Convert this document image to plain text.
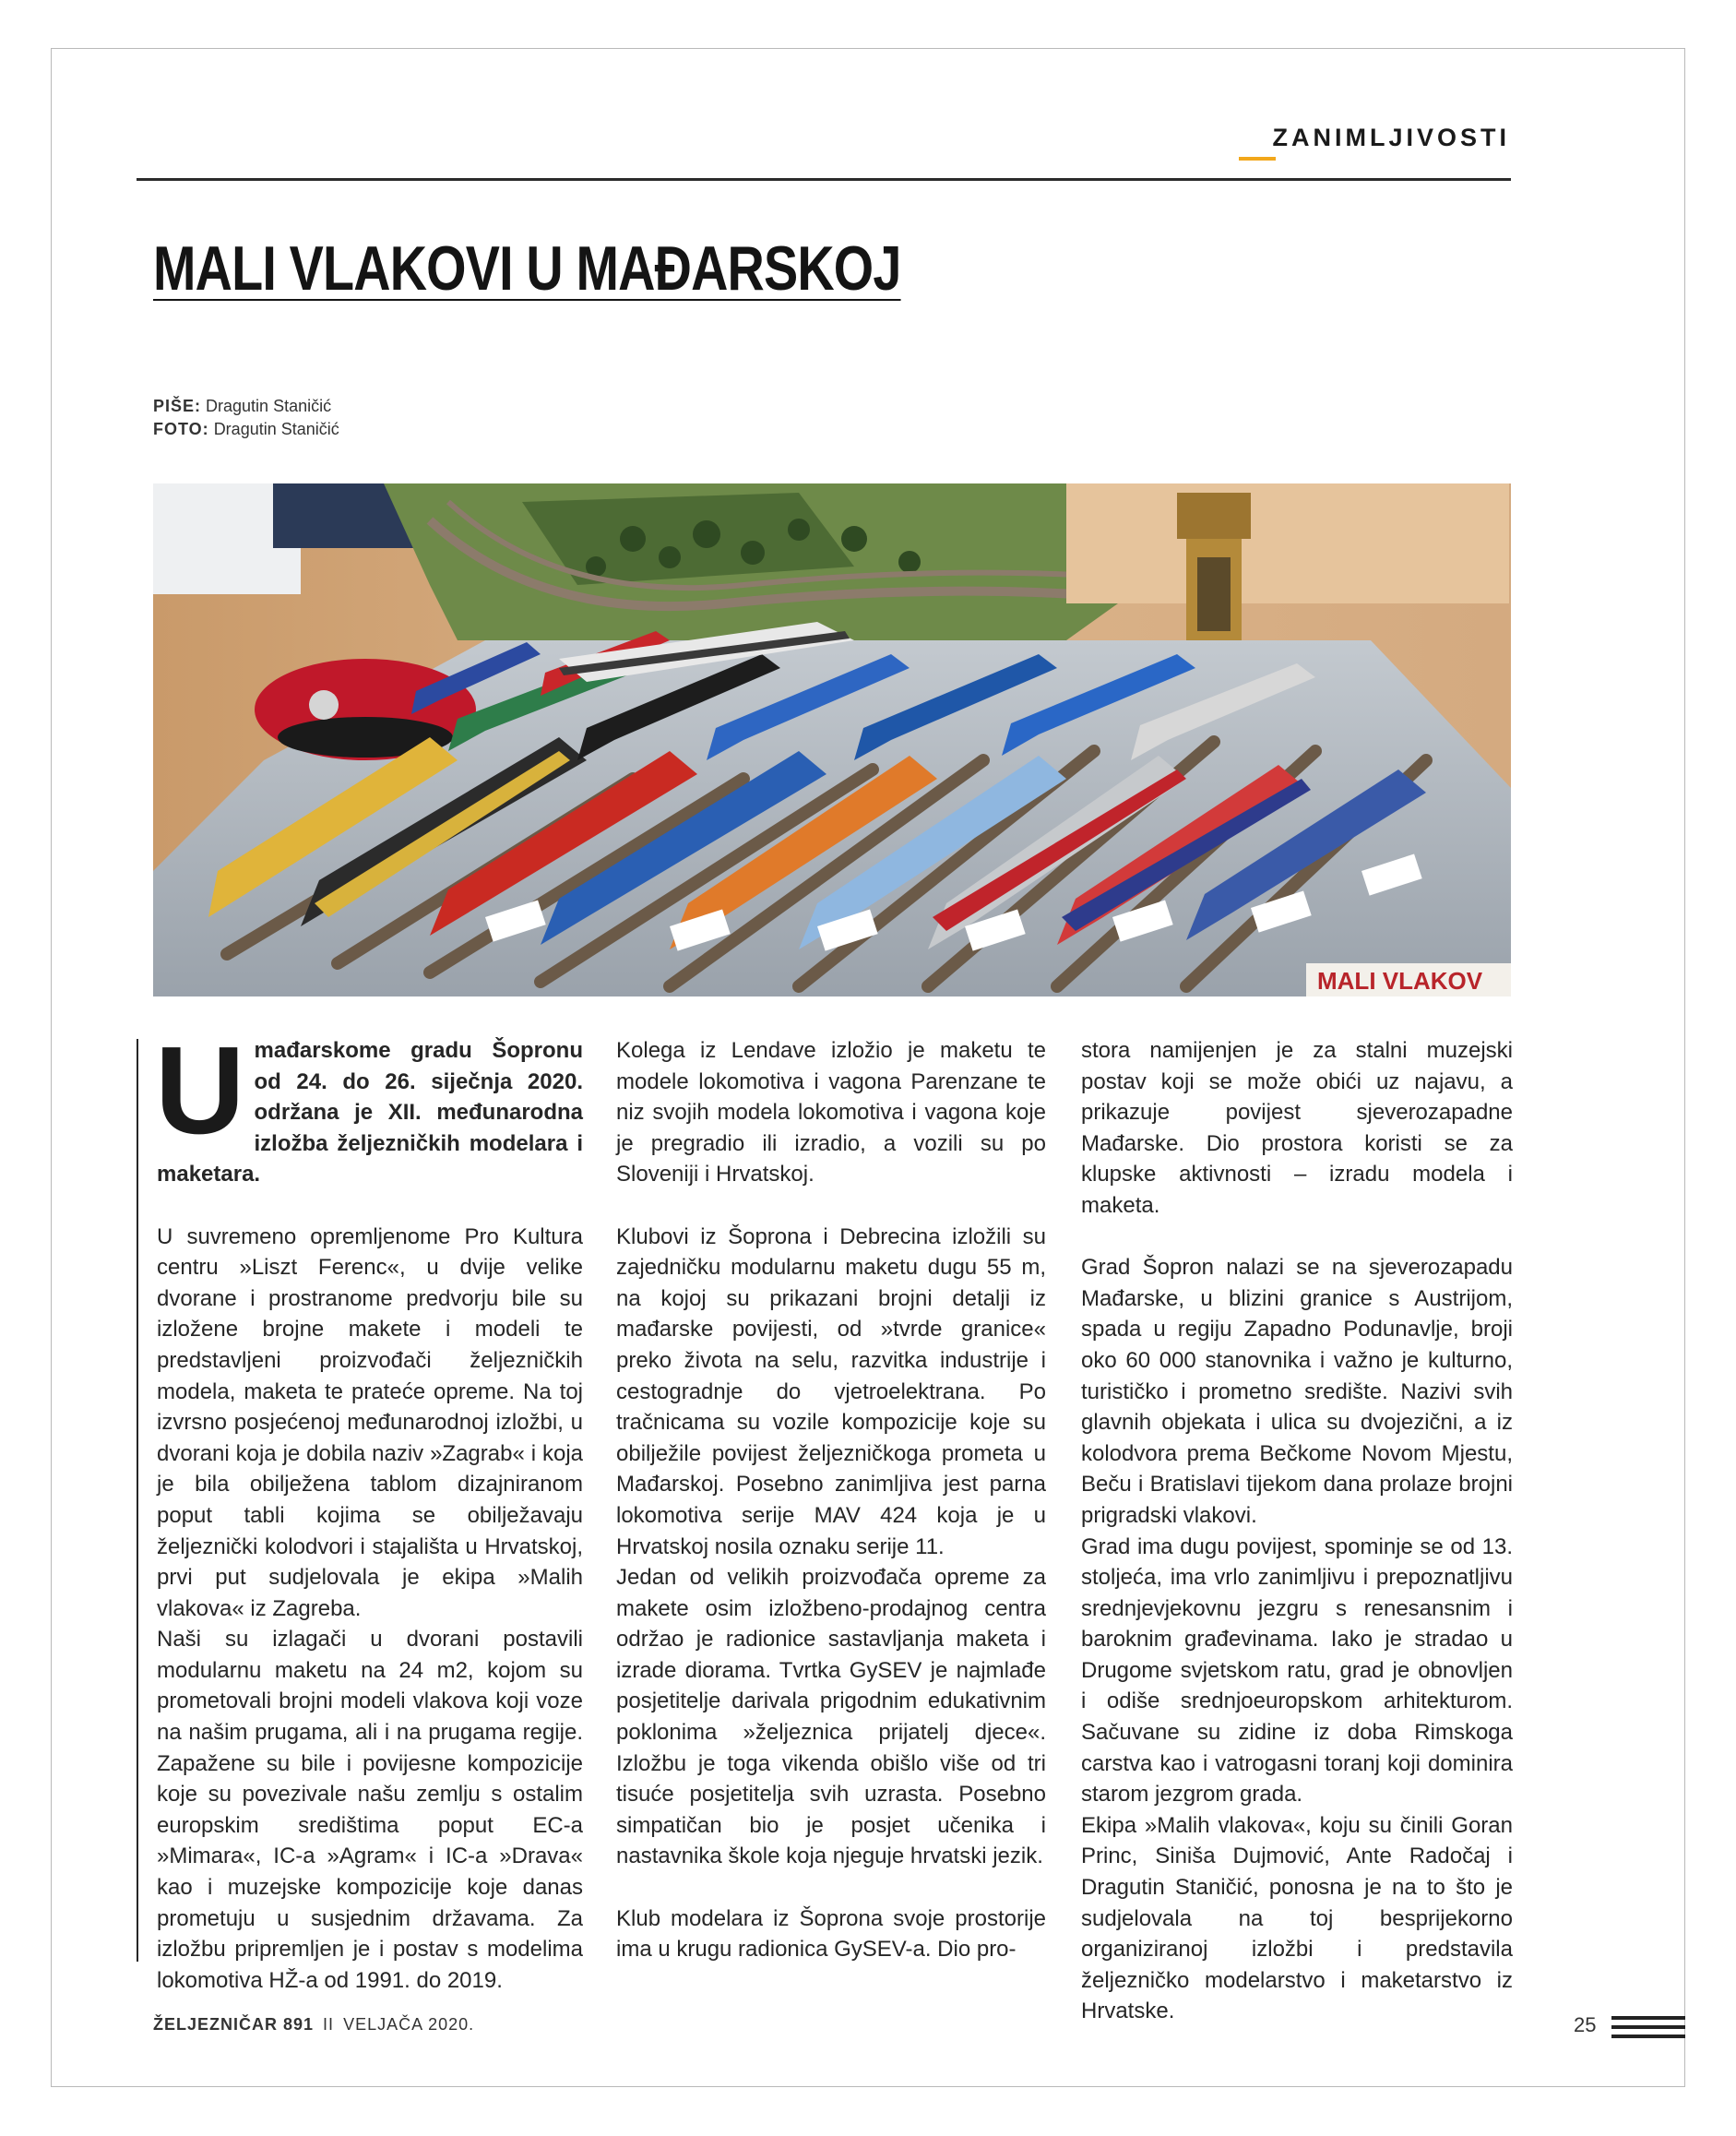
ZANIMLJIVOSTI
MALI VLAKOVI U MAĐARSKOJ
PIŠE: Dragutin Staničić
FOTO: Dragutin Staničić
MALI VLAKOV

Umađarskome gradu Šopronu od 24. do 26. siječnja 2020. održana je XII. međunarodna izložba željezničkih modelara i maketara.

U suvremeno opremljenome Pro Kultura centru »Liszt Ferenc«, u dvije velike dvorane i prostranome predvorju bile su izložene brojne makete i modeli te predstavljeni proizvođači željezničkih modela, maketa te prateće opreme. Na toj izvrsno posjećenoj međunarodnoj izložbi, u dvorani koja je dobila naziv »Zagrab« i koja je bila obilježena tablom dizajniranom poput tabli kojima se obilježavaju željeznički kolodvori i stajališta u Hrvatskoj, prvi put sudjelovala je ekipa »Malih vlakova« iz Zagreba.

Naši su izlagači u dvorani postavili modularnu maketu na 24 m2, kojom su prometovali brojni modeli vlakova koji voze na našim prugama, ali i na prugama regije. Zapažene su bile i povijesne kompozicije koje su povezivale našu zemlju s ostalim europskim središtima poput EC-a »Mimara«, IC-a »Agram« i IC-a »Drava« kao i muzejske kompozicije koje danas prometuju u susjednim državama. Za izložbu pripremljen je i postav s modelima lokomotiva HŽ-a od 1991. do 2019.

Kolega iz Lendave izložio je maketu te modele lokomotiva i vagona Parenzane te niz svojih modela lokomotiva i vagona koje je pregradio ili izradio, a vozili su po Sloveniji i Hrvatskoj.

Klubovi iz Šoprona i Debrecina izložili su zajedničku modularnu maketu dugu 55 m, na kojoj su prikazani brojni detalji iz mađarske povijesti, od »tvrde granice« preko života na selu, razvitka industrije i cestogradnje do vjetroelektrana. Po tračnicama su vozile kompozicije koje su obilježile povijest željezničkoga prometa u Mađarskoj. Posebno zanimljiva jest parna lokomotiva serije MAV 424 koja je u Hrvatskoj nosila oznaku serije 11.

Jedan od velikih proizvođača opreme za makete osim izložbeno-prodajnog centra održao je radionice sastavljanja maketa i izrade diorama. Tvrtka GySEV je najmlađe posjetitelje darivala prigodnim edukativnim poklonima »željeznica prijatelj djece«. Izložbu je toga vikenda obišlo više od tri tisuće posjetitelja svih uzrasta. Posebno simpatičan bio je posjet učenika i nastavnika škole koja njeguje hrvatski jezik.

Klub modelara iz Šoprona svoje prostorije ima u krugu radionica GySEV-a. Dio pro-

stora namijenjen je za stalni muzejski postav koji se može obići uz najavu, a prikazuje povijest sjeverozapadne Mađarske. Dio prostora koristi se za klupske aktivnosti – izradu modela i maketa.

Grad Šopron nalazi se na sjeverozapadu Mađarske, u blizini granice s Austrijom, spada u regiju Zapadno Podunavlje, broji oko 60 000 stanovnika i važno je kulturno, turističko i prometno središte. Nazivi svih glavnih objekata i ulica su dvojezični, a iz kolodvora prema Bečkome Novom Mjestu, Beču i Bratislavi tijekom dana prolaze brojni prigradski vlakovi.

Grad ima dugu povijest, spominje se od 13. stoljeća, ima vrlo zanimljivu i prepoznatljivu srednjevjekovnu jezgru s renesansnim i baroknim građevinama. Iako je stradao u Drugome svjetskom ratu, grad je obnovljen i odiše srednjoeuropskom arhitekturom. Sačuvane su zidine iz doba Rimskoga carstva kao i vatrogasni toranj koji dominira starom jezgrom grada.

Ekipa »Malih vlakova«, koju su činili Goran Princ, Siniša Dujmović, Ante Radočaj i Dragutin Staničić, ponosna je na to što je sudjelovala na toj besprijekorno organiziranoj izložbi i predstavila željezničko modelarstvo i maketarstvo iz Hrvatske.

ŽELJEZNIČAR 891 II VELJAČA 2020.	25
